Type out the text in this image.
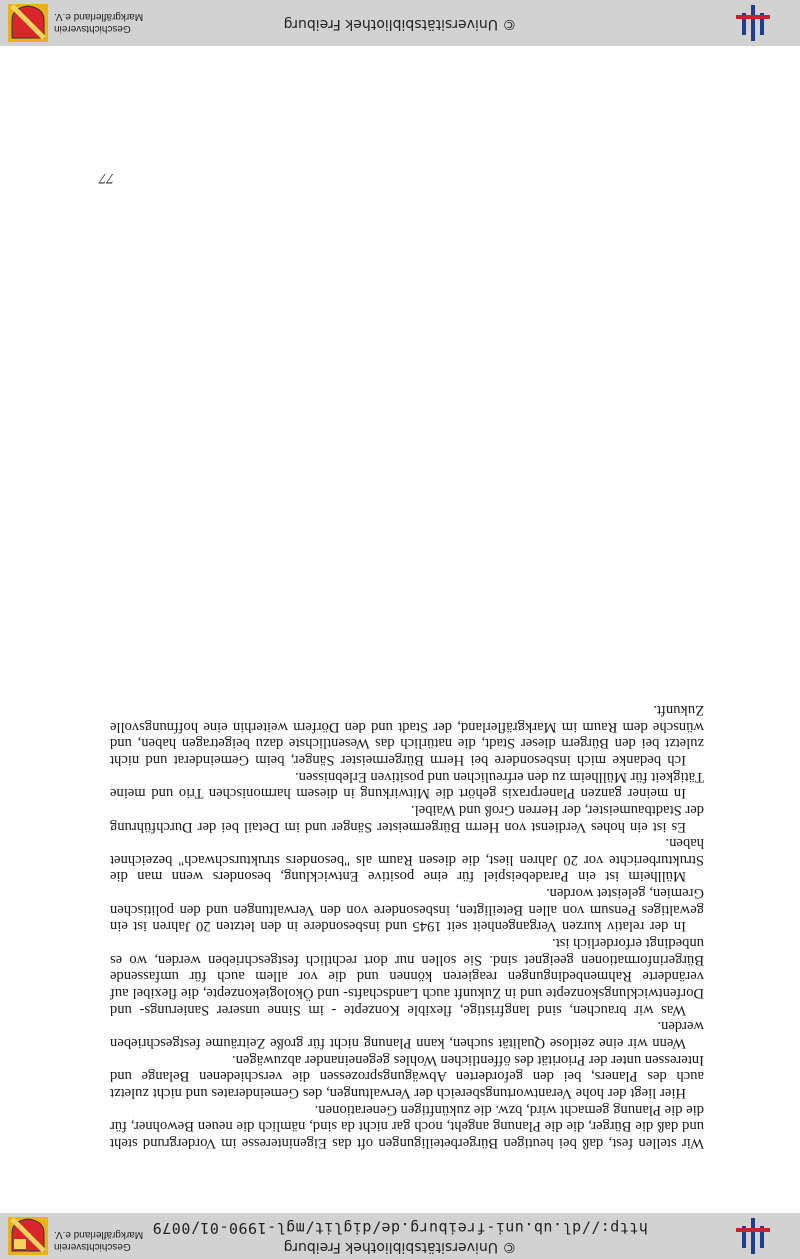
© Universitätsbibliothek Freiburg
http://dl.ub.uni-freiburg.de/diglit/mgl-1990-01/0079
Geschichtsverein
Markgräflerland e.V.

Wir stellen fest, daß bei heutigen Bürgerbeteiligungen oft das Eigeninteresse im Vordergrund steht und daß die Bürger, die die Planung angeht, noch gar nicht da sind, nämlich die neuen Bewohner, für die die Planung gemacht wird, bzw. die zukünftigen Generationen.

Hier liegt der hohe Verantwortungsbereich der Verwaltungen, des Gemeinderates und nicht zuletzt auch des Planers, bei den geforderten Abwägungsprozessen die verschiedenen Belange und Interessen unter der Priorität des öffentlichen Wohles gegeneinander abzuwägen.

Wenn wir eine zeitlose Qualität suchen, kann Planung nicht für große Zeiträume festgeschrieben werden.

Was wir brauchen, sind langfristige, flexible Konzepte - im Sinne unserer Sanierungs- und Dorfentwicklungskonzepte und in Zukunft auch Landschafts- und Ökologiekonzepte, die flexibel auf veränderte Rahmenbedingungen reagieren können und die vor allem auch für umfassende Bürgerinformationen geeignet sind. Sie sollen nur dort rechtlich festgeschrieben werden, wo es unbedingt erforderlich ist.

In der relativ kurzen Vergangenheit seit 1945 und insbesondere in den letzten 20 Jahren ist ein gewaltiges Pensum von allen Beteiligten, insbesondere von den Verwaltungen und den politischen Gremien, geleistet worden.

Müllheim ist ein Paradebeispiel für eine positive Entwicklung, besonders wenn man die Strukturberichte vor 20 Jahren liest, die diesen Raum als "besonders strukturschwach" bezeichnet haben.

Es ist ein hohes Verdienst von Herrn Bürgermeister Sänger und im Detail bei der Durchführung der Stadtbaumeister, der Herren Groß und Waibel.

In meiner ganzen Planerpraxis gehört die Mitwirkung in diesem harmonischen Trio und meine Tätigkeit für Müllheim zu den erfreulichen und positiven Erlebnissen.

Ich bedanke mich insbesondere bei Herrn Bürgermeister Sänger, beim Gemeinderat und nicht zuletzt bei den Bürgern dieser Stadt, die natürlich das Wesentlichste dazu beigetragen haben, und wünsche dem Raum im Markgräflerland, der Stadt und den Dörfern weiterhin eine hoffnungsvolle Zukunft.

77
© Universitätsbibliothek Freiburg
Geschichtsverein
Markgräflerland e.V.
